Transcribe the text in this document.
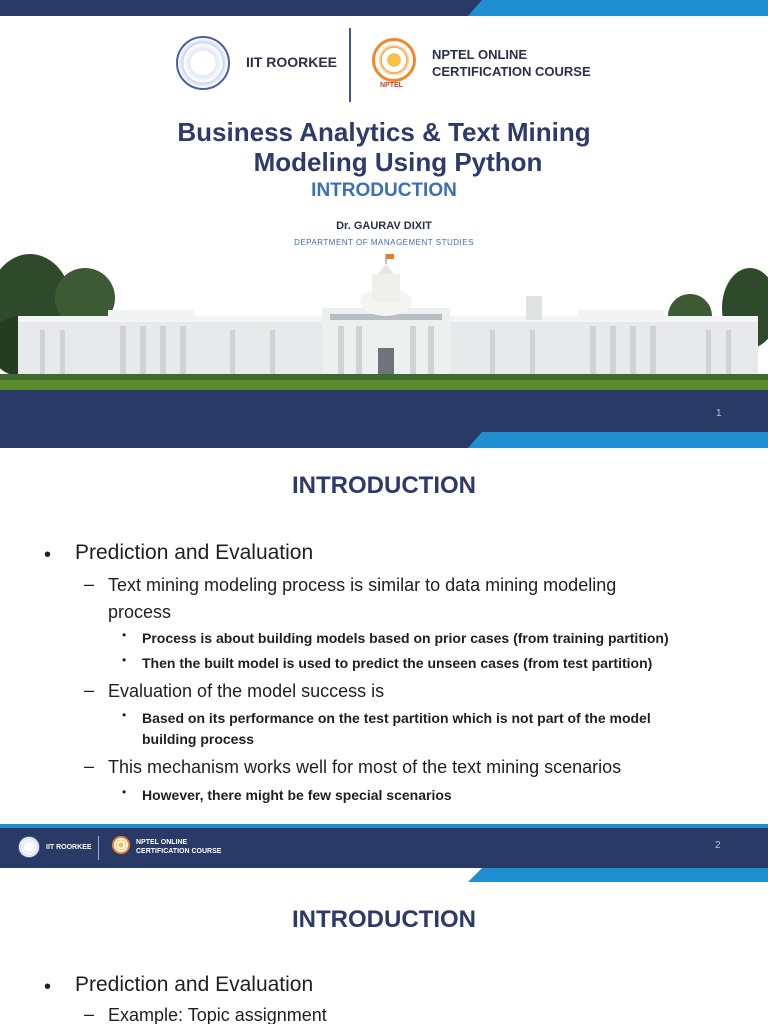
IIT ROORKEE
NPTEL
NPTEL ONLINE
CERTIFICATION COURSE
Business Analytics & Text Mining
Modeling Using Python
INTRODUCTION
Dr. GAURAV DIXIT
DEPARTMENT OF MANAGEMENT STUDIES
1
INTRODUCTION
• Prediction and Evaluation
– Text mining modeling process is similar to data mining modeling
process
• Process is about building models based on prior cases (from training partition)
• Then the built model is used to predict the unseen cases (from test partition)
– Evaluation of the model success is
• Based on its performance on the test partition which is not part of the model
building process
– This mechanism works well for most of the text mining scenarios
• However, there might be few special scenarios
IIT ROORKEE
NPTEL ONLINE
CERTIFICATION COURSE
2
INTRODUCTION
• Prediction and Evaluation
– Example: Topic assignment
